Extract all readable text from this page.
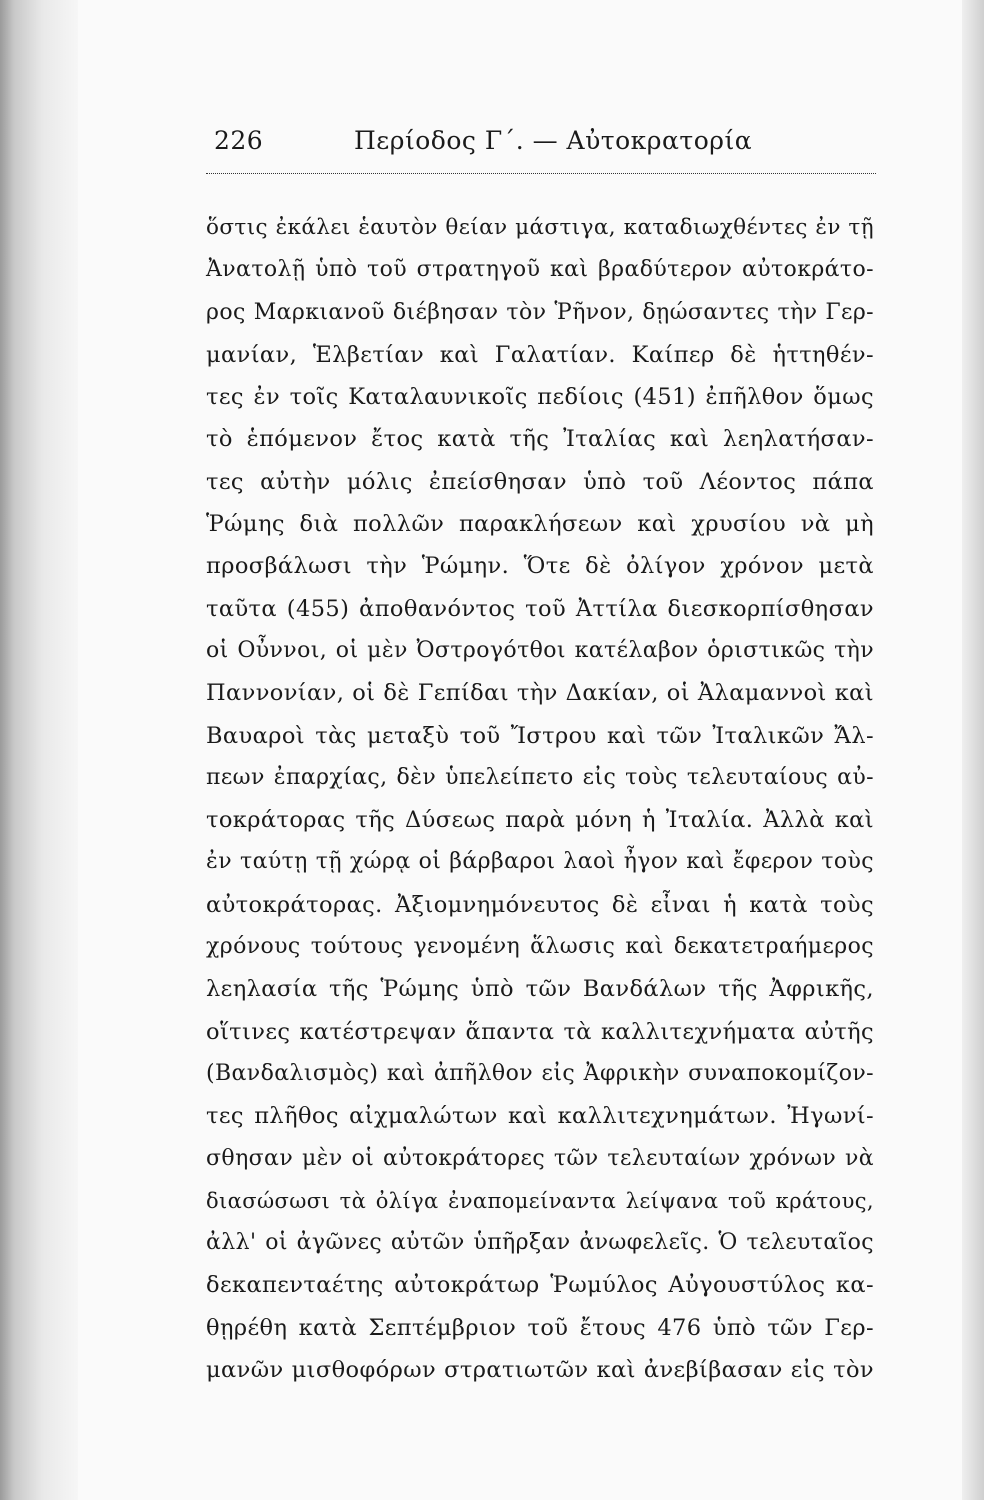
226	Περίοδος Γ΄. — Αὐτοκρατορία
ὅστις ἐκάλει ἑαυτὸν θείαν μάστιγα, καταδιωχθέντες ἐν τῇ
Ἀνατολῇ ὑπὸ τοῦ στρατηγοῦ καὶ βραδύτερον αὐτοκράτο-
ρος Μαρκιανοῦ διέβησαν τὸν Ῥῆνον, δῃώσαντες τὴν Γερ-
μανίαν, Ἑλβετίαν καὶ Γαλατίαν. Καίπερ δὲ ἡττηθέν-
τες ἐν τοῖς Καταλαυνικοῖς πεδίοις (451) ἐπῆλθον ὅμως
τὸ ἑπόμενον ἔτος κατὰ τῆς Ἰταλίας καὶ λεηλατήσαν-
τες αὐτὴν μόλις ἐπείσθησαν ὑπὸ τοῦ Λέοντος πάπα
Ῥώμης διὰ πολλῶν παρακλήσεων καὶ χρυσίου νὰ μὴ
προσβάλωσι τὴν Ῥώμην. Ὅτε δὲ ὀλίγον χρόνον μετὰ
ταῦτα (455) ἀποθανόντος τοῦ Ἀττίλα διεσκορπίσθησαν
οἱ Οὖννοι, οἱ μὲν Ὀστρογότθοι κατέλαβον ὁριστικῶς τὴν
Παννονίαν, οἱ δὲ Γεπίδαι τὴν Δακίαν, οἱ Ἀλαμαννοὶ καὶ
Βαυαροὶ τὰς μεταξὺ τοῦ Ἴστρου καὶ τῶν Ἰταλικῶν Ἄλ-
πεων ἐπαρχίας, δὲν ὑπελείπετο εἰς τοὺς τελευταίους αὐ-
τοκράτορας τῆς Δύσεως παρὰ μόνη ἡ Ἰταλία. Ἀλλὰ καὶ
ἐν ταύτῃ τῇ χώρᾳ οἱ βάρβαροι λαοὶ ἦγον καὶ ἔφερον τοὺς
αὐτοκράτορας. Ἀξιομνημόνευτος δὲ εἶναι ἡ κατὰ τοὺς
χρόνους τούτους γενομένη ἅλωσις καὶ δεκατετραήμερος
λεηλασία τῆς Ῥώμης ὑπὸ τῶν Βανδάλων τῆς Ἀφρικῆς,
οἵτινες κατέστρεψαν ἅπαντα τὰ καλλιτεχνήματα αὐτῆς
(Βανδαλισμὸς) καὶ ἀπῆλθον εἰς Ἀφρικὴν συναποκομίζον-
τες πλῆθος αἰχμαλώτων καὶ καλλιτεχνημάτων. Ἠγωνί-
σθησαν μὲν οἱ αὐτοκράτορες τῶν τελευταίων χρόνων νὰ
διασώσωσι τὰ ὀλίγα ἐναπομείναντα λείψανα τοῦ κράτους,
ἀλλ' οἱ ἀγῶνες αὐτῶν ὑπῆρξαν ἀνωφελεῖς. Ὁ τελευταῖος
δεκαπενταέτης αὐτοκράτωρ Ῥωμύλος Αὐγουστύλος κα-
θῃρέθη κατὰ Σεπτέμβριον τοῦ ἔτους 476 ὑπὸ τῶν Γερ-
μανῶν μισθοφόρων στρατιωτῶν καὶ ἀνεβίβασαν εἰς τὸν
